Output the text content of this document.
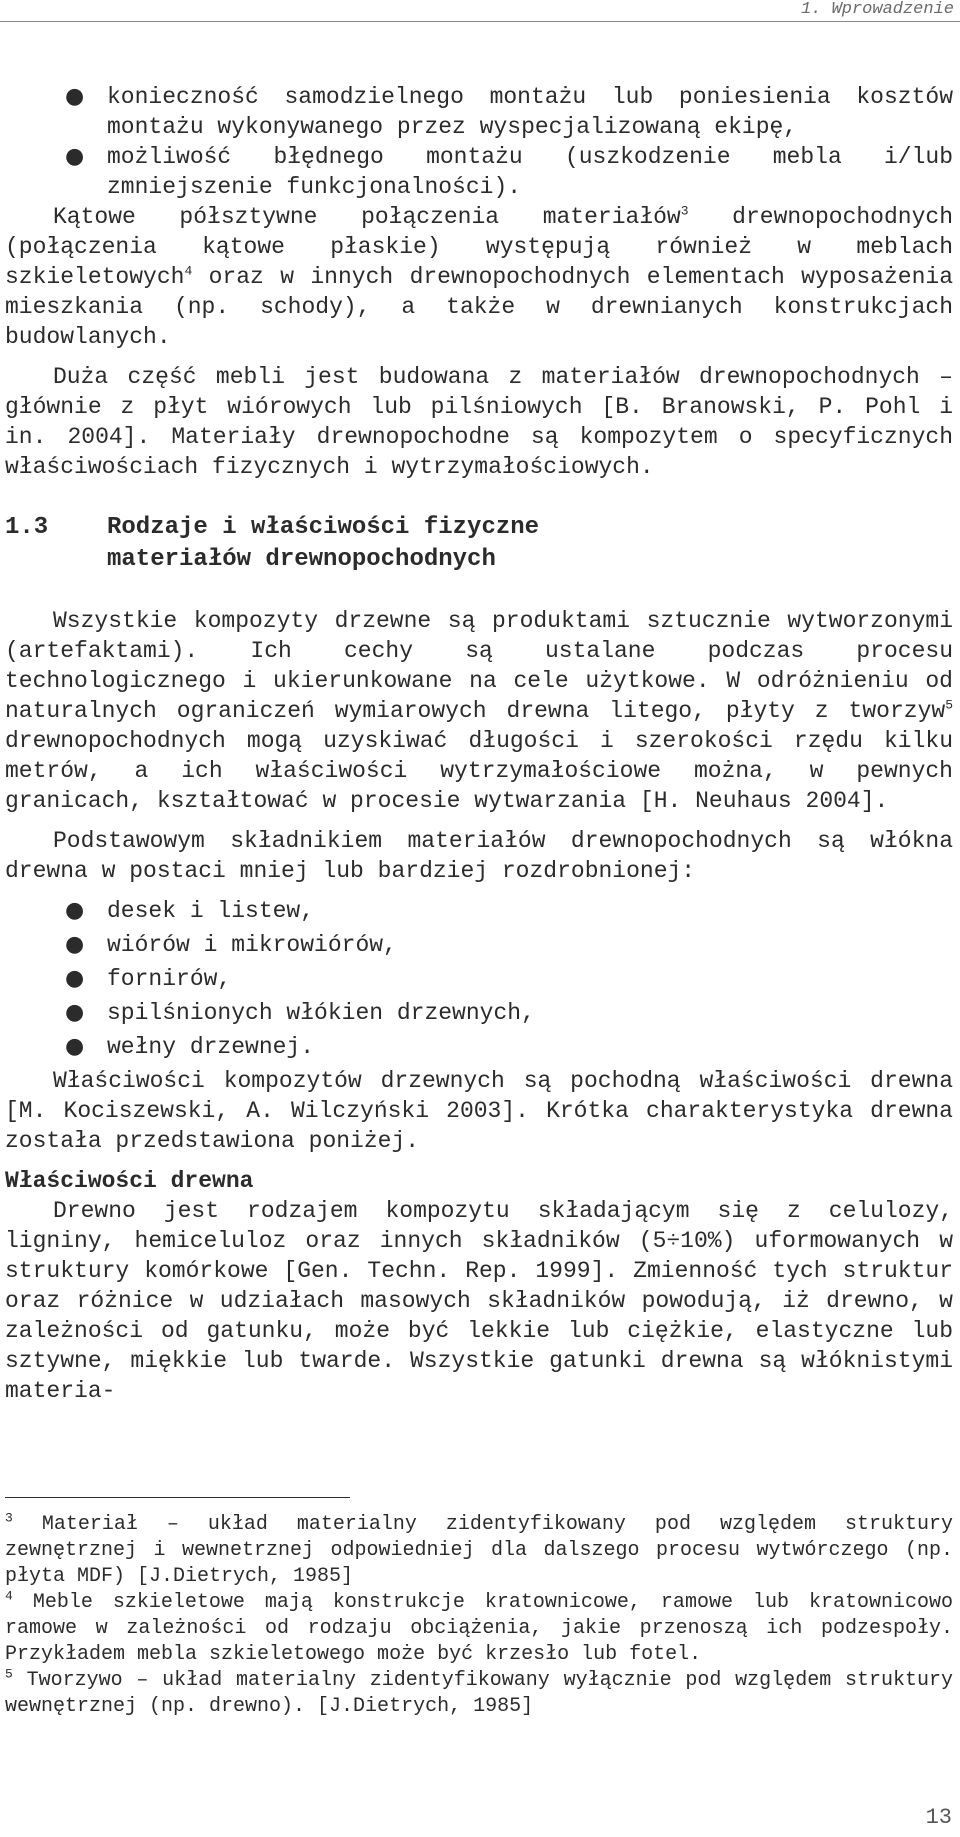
1. Wprowadzenie
● konieczność samodzielnego montażu lub poniesienia kosztów montażu wykonywanego przez wyspecjalizowaną ekipę,
● możliwość błędnego montażu (uszkodzenie mebla i/lub zmniejszenie funkcjonalności).

Kątowe półsztywne połączenia materiałów$^3$ drewnopochodnych (połączenia kątowe płaskie) występują również w meblach szkieletowych$^4$ oraz w innych drewnopochodnych elementach wyposażenia mieszkania (np. schody), a także w drewnianych konstrukcjach budowlanych.

Duża część mebli jest budowana z materiałów drewnopochodnych – głównie z płyt wiórowych lub pilśniowych [B. Branowski, P. Pohl i in. 2004]. Materiały drewnopochodne są kompozytem o specyficznych właściwościach fizycznych i wytrzymałościowych.

1.3 Rodzaje i właściwości fizyczne
materiałów drewnopochodnych

Wszystkie kompozyty drzewne są produktami sztucznie wytworzonymi (artefaktami). Ich cechy są ustalane podczas procesu technologicznego i ukierunkowane na cele użytkowe. W odróżnieniu od naturalnych ograniczeń wymiarowych drewna litego, płyty z tworzyw$^5$ drewnopochodnych mogą uzyskiwać długości i szerokości rzędu kilku metrów, a ich właściwości wytrzymałościowe można, w pewnych granicach, kształtować w procesie wytwarzania [H. Neuhaus 2004].

Podstawowym składnikiem materiałów drewnopochodnych są włókna drewna w postaci mniej lub bardziej rozdrobnionej:

● desek i listew,
● wiórów i mikrowiórów,
● fornirów,
● spilśnionych włókien drzewnych,
● wełny drzewnej.

Właściwości kompozytów drzewnych są pochodną właściwości drewna [M. Kociszewski, A. Wilczyński 2003]. Krótka charakterystyka drewna została przedstawiona poniżej.

Właściwości drewna

Drewno jest rodzajem kompozytu składającym się z celulozy, ligniny, hemiceluloz oraz innych składników (5÷10%) uformowanych w struktury komórkowe [Gen. Techn. Rep. 1999]. Zmienność tych struktur oraz różnice w udziałach masowych składników powodują, iż drewno, w zależności od gatunku, może być lekkie lub ciężkie, elastyczne lub sztywne, miękkie lub twarde. Wszystkie gatunki drewna są włóknistymi materia-

$^3$ Materiał – układ materialny zidentyfikowany pod względem struktury zewnętrznej i wewnetrznej odpowiedniej dla dalszego procesu wytwórczego (np. płyta MDF) [J.Dietrych, 1985]

$^4$ Meble szkieletowe mają konstrukcje kratownicowe, ramowe lub kratownicowo ramowe w zależności od rodzaju obciążenia, jakie przenoszą ich podzespoły. Przykładem mebla szkieletowego może być krzesło lub fotel.

$^5$ Tworzywo – układ materialny zidentyfikowany wyłącznie pod względem struktury wewnętrznej (np. drewno). [J.Dietrych, 1985]

13
